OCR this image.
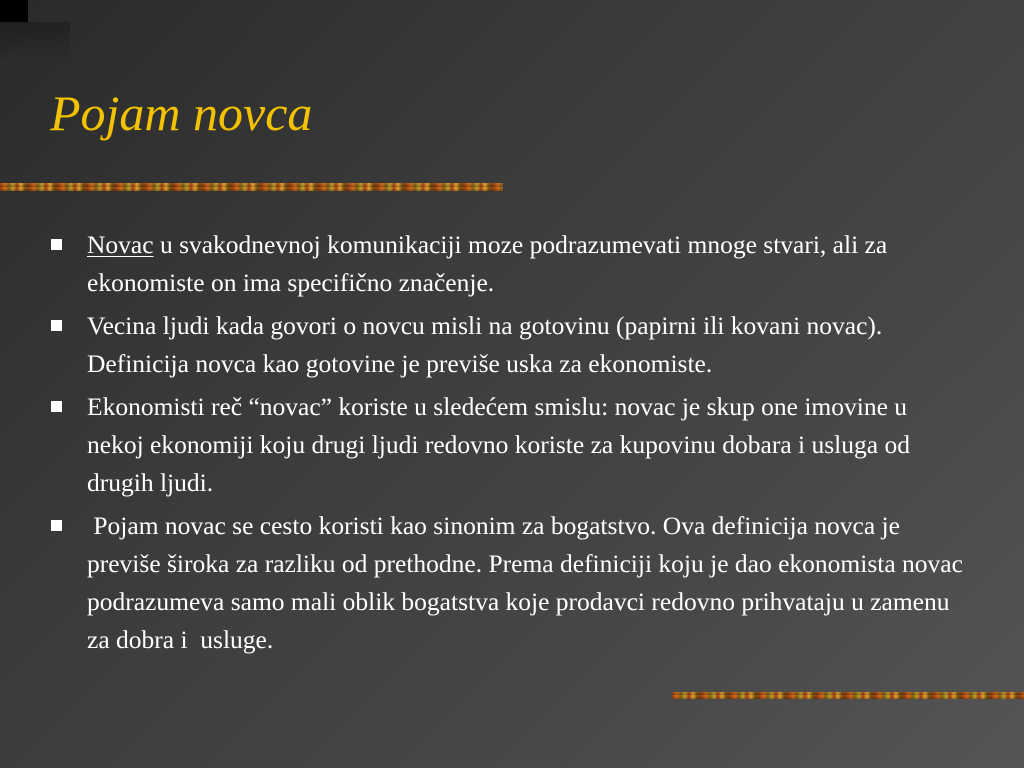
Pojam novca
Novac u svakodnevnoj komunikaciji moze podrazumevati mnoge stvari, ali za ekonomiste on ima specifično značenje.
Vecina ljudi kada govori o novcu misli na gotovinu (papirni ili kovani novac).
Definicija novca kao gotovine je previše uska za ekonomiste.
Ekonomisti reč “novac” koriste u sledećem smislu: novac je skup one imovine u nekoj ekonomiji koju drugi ljudi redovno koriste za kupovinu dobara i usluga od drugih ljudi.
Pojam novac se cesto koristi kao sinonim za bogatstvo. Ova definicija novca je previše široka za razliku od prethodne. Prema definiciji koju je dao ekonomista novac podrazumeva samo mali oblik bogatstva koje prodavci redovno prihvataju u zamenu za dobra i  usluge.
